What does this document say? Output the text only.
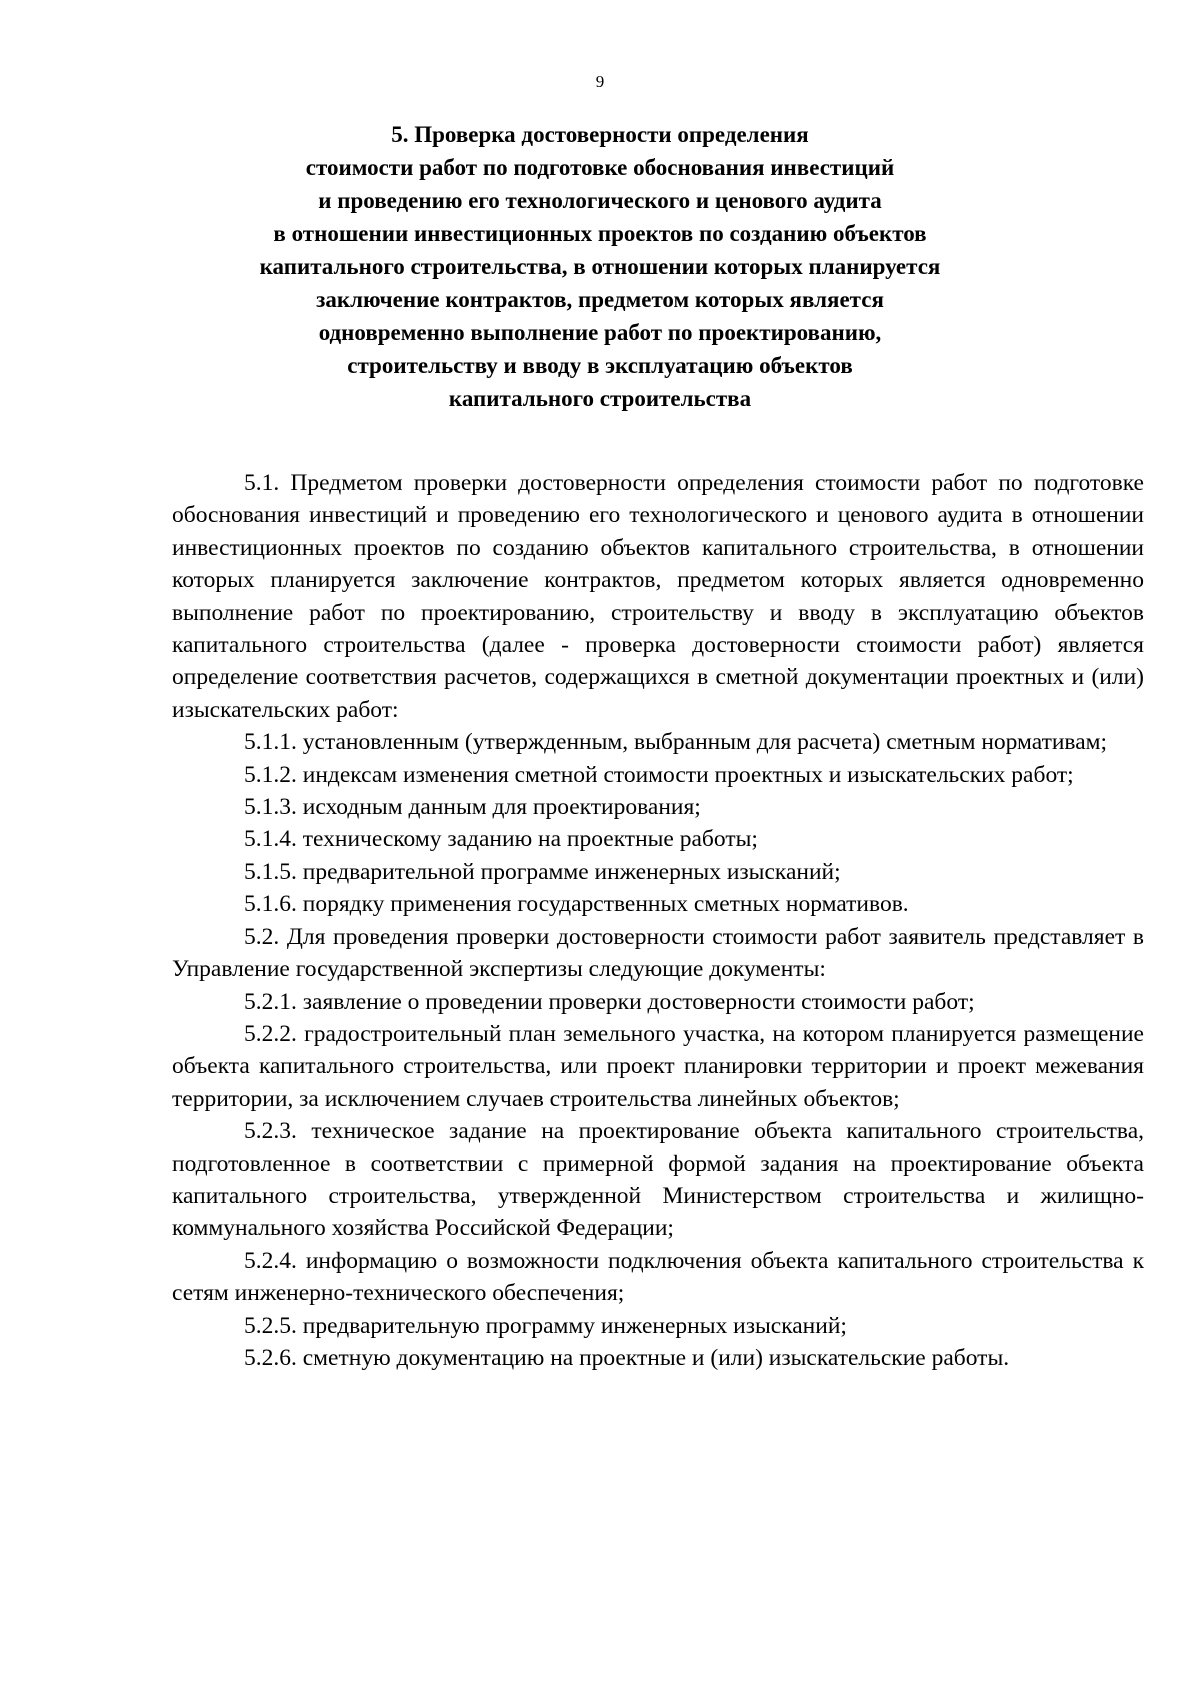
9
5. Проверка достоверности определения
стоимости работ по подготовке обоснования инвестиций
и проведению его технологического и ценового аудита
в отношении инвестиционных проектов по созданию объектов
капитального строительства, в отношении которых планируется
заключение контрактов, предметом которых является
одновременно выполнение работ по проектированию,
строительству и вводу в эксплуатацию объектов
капитального строительства

5.1. Предметом проверки достоверности определения стоимости работ по подготовке обоснования инвестиций и проведению его технологического и ценового аудита в отношении инвестиционных проектов по созданию объектов капитального строительства, в отношении которых планируется заключение контрактов, предметом которых является одновременно выполнение работ по проектированию, строительству и вводу в эксплуатацию объектов капитального строительства (далее - проверка достоверности стоимости работ) является определение соответствия расчетов, содержащихся в сметной документации проектных и (или) изыскательских работ:

5.1.1. установленным (утвержденным, выбранным для расчета) сметным нормативам;

5.1.2. индексам изменения сметной стоимости проектных и изыскательских работ;

5.1.3. исходным данным для проектирования;

5.1.4. техническому заданию на проектные работы;

5.1.5. предварительной программе инженерных изысканий;

5.1.6. порядку применения государственных сметных нормативов.

5.2. Для проведения проверки достоверности стоимости работ заявитель представляет в Управление государственной экспертизы следующие документы:

5.2.1. заявление о проведении проверки достоверности стоимости работ;

5.2.2. градостроительный план земельного участка, на котором планируется размещение объекта капитального строительства, или проект планировки территории и проект межевания территории, за исключением случаев строительства линейных объектов;

5.2.3. техническое задание на проектирование объекта капитального строительства, подготовленное в соответствии с примерной формой задания на проектирование объекта капитального строительства, утвержденной Министерством строительства и жилищно-коммунального хозяйства Российской Федерации;

5.2.4. информацию о возможности подключения объекта капитального строительства к сетям инженерно-технического обеспечения;

5.2.5. предварительную программу инженерных изысканий;

5.2.6. сметную документацию на проектные и (или) изыскательские работы.
